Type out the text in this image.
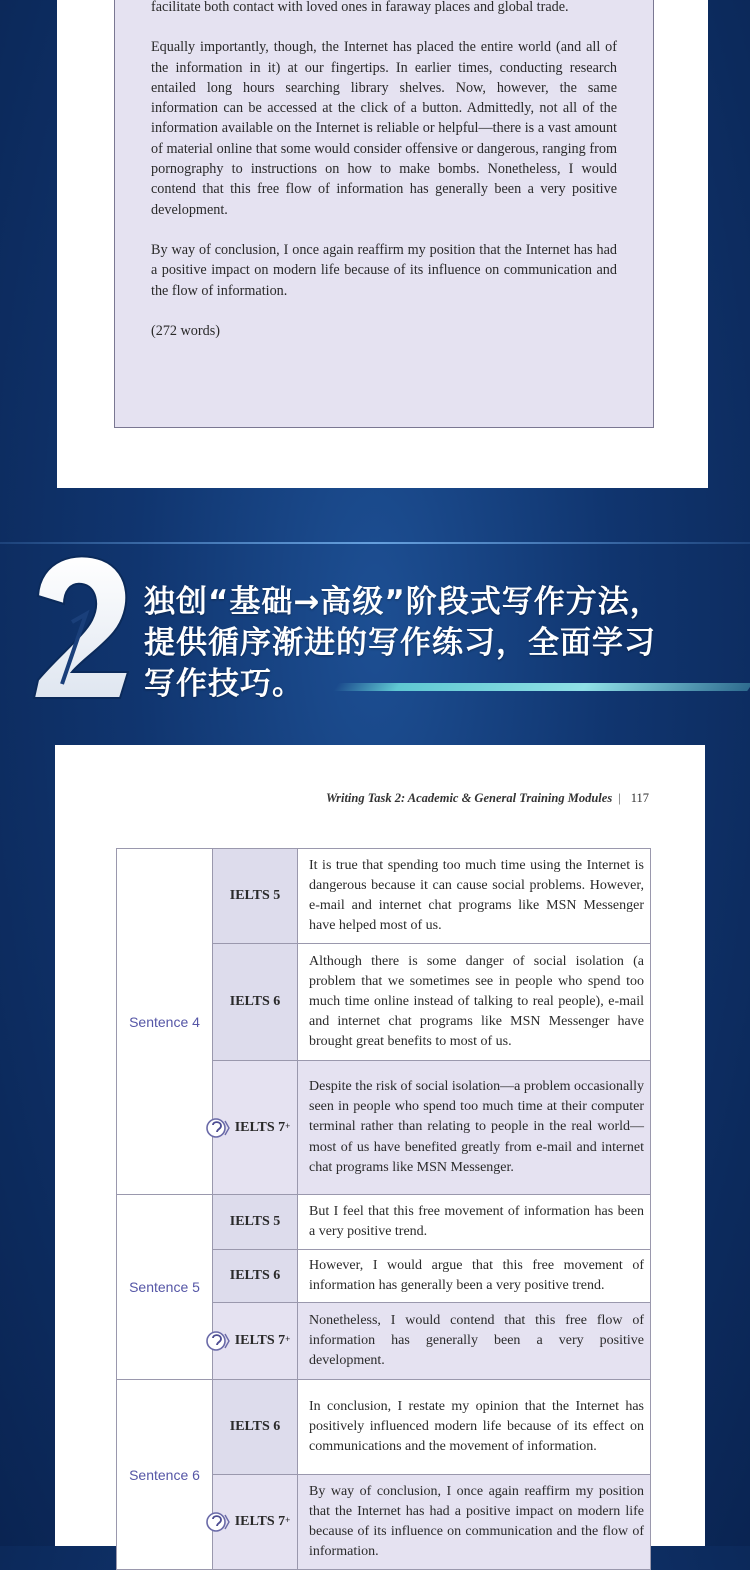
facilitate both contact with loved ones in faraway places and global trade.

Equally importantly, though, the Internet has placed the entire world (and all of the information in it) at our fingertips. In earlier times, conducting research entailed long hours searching library shelves. Now, however, the same information can be accessed at the click of a button. Admittedly, not all of the information available on the Internet is reliable or helpful—there is a vast amount of material online that some would consider offensive or dangerous, ranging from pornography to instructions on how to make bombs. Nonetheless, I would contend that this free flow of information has generally been a very positive development.

By way of conclusion, I once again reaffirm my position that the Internet has had a positive impact on modern life because of its influence on communication and the flow of information.

(272 words)

独创“基础→高级”阶段式写作方法，
提供循序渐进的写作练习，全面学习
写作技巧。
Writing Task 2: Academic & General Training Modules | 117
Sentence 4	IELTS 5	It is true that spending too much time using the Internet is dangerous because it can cause social problems. However, e-mail and internet chat programs like MSN Messenger have helped most of us.

IELTS 6	Although there is some danger of social isolation (a problem that we sometimes see in people who spend too much time online instead of talking to real people), e-mail and internet chat programs like MSN Messenger have brought great benefits to most of us.

	IELTS 7+	Despite the risk of social isolation—a problem occasionally seen in people who spend too much time at their computer terminal rather than relating to people in the real world—most of us have benefited greatly from e-mail and internet chat programs like MSN Messenger.

Sentence 5	IELTS 5	But I feel that this free movement of information has been a very positive trend.

IELTS 6	However, I would argue that this free movement of information has generally been a very positive trend.

	IELTS 7+	Nonetheless, I would contend that this free flow of information has generally been a very positive development.

Sentence 6	IELTS 6	In conclusion, I restate my opinion that the Internet has positively influenced modern life because of its effect on communications and the movement of information.

	IELTS 7+	By way of conclusion, I once again reaffirm my position that the Internet has had a positive impact on modern life because of its influence on communication and the flow of information.
